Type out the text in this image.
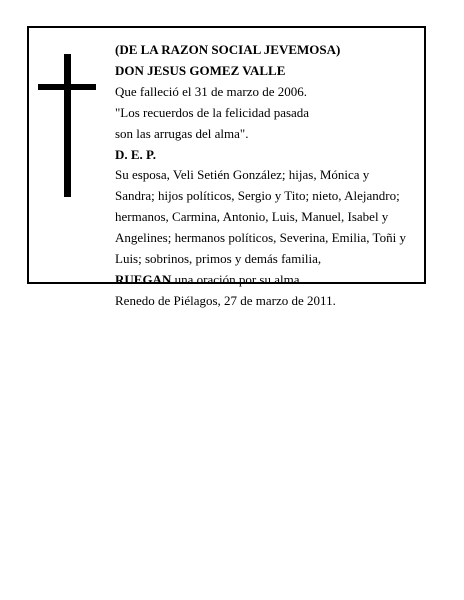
(DE LA RAZON SOCIAL JEVEMOSA)
DON JESUS GOMEZ VALLE
Que falleció el 31 de marzo de 2006.
"Los recuerdos de la felicidad pasada
son las arrugas del alma".
D. E. P.
Su esposa, Veli Setién González; hijas, Mónica y
Sandra; hijos políticos, Sergio y Tito; nieto, Alejandro;
hermanos, Carmina, Antonio, Luis, Manuel, Isabel y
Angelines; hermanos políticos, Severina, Emilia, Toñi y
Luis; sobrinos, primos y demás familia,
RUEGAN una oración por su alma.
Renedo de Piélagos, 27 de marzo de 2011.
